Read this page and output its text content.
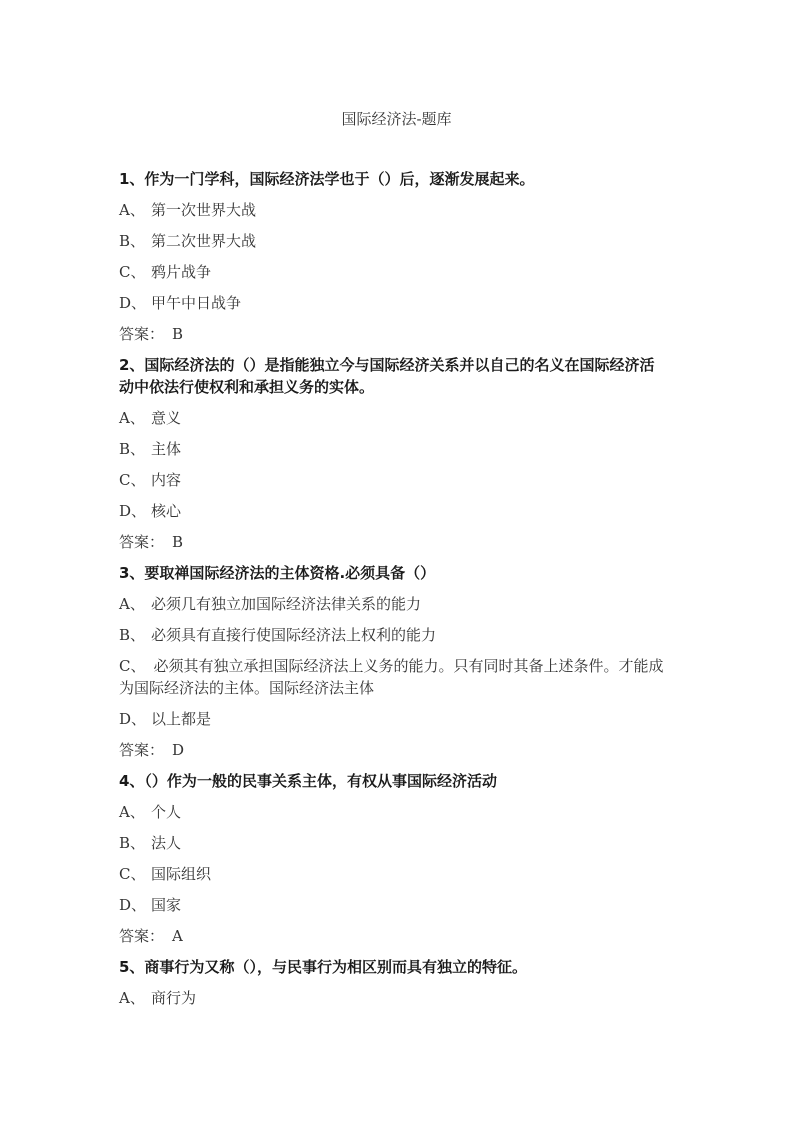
国际经济法-题库
1、作为一门学科，国际经济法学也于（）后，逐渐发展起来。
A、 第一次世界大战
B、 第二次世界大战
C、 鸦片战争
D、 甲午中日战争
答案： B
2、国际经济法的（）是指能独立今与国际经济关系并以自己的名义在国际经济活动中依法行使权利和承担义务的实体。
A、 意义
B、 主体
C、 内容
D、 核心
答案： B
3、要取禅国际经济法的主体资格.必须具备（）
A、 必须几有独立加国际经济法律关系的能力
B、 必须具有直接行使国际经济法上权利的能力
C、 必须其有独立承担国际经济法上义务的能力。只有同时其备上述条件。才能成为国际经济法的主体。国际经济法主体
D、 以上都是
答案： D
4、（）作为一般的民事关系主体，有权从事国际经济活动
A、 个人
B、 法人
C、 国际组织
D、 国家
答案： A
5、商事行为又称（），与民事行为相区别而具有独立的特征。
A、 商行为
